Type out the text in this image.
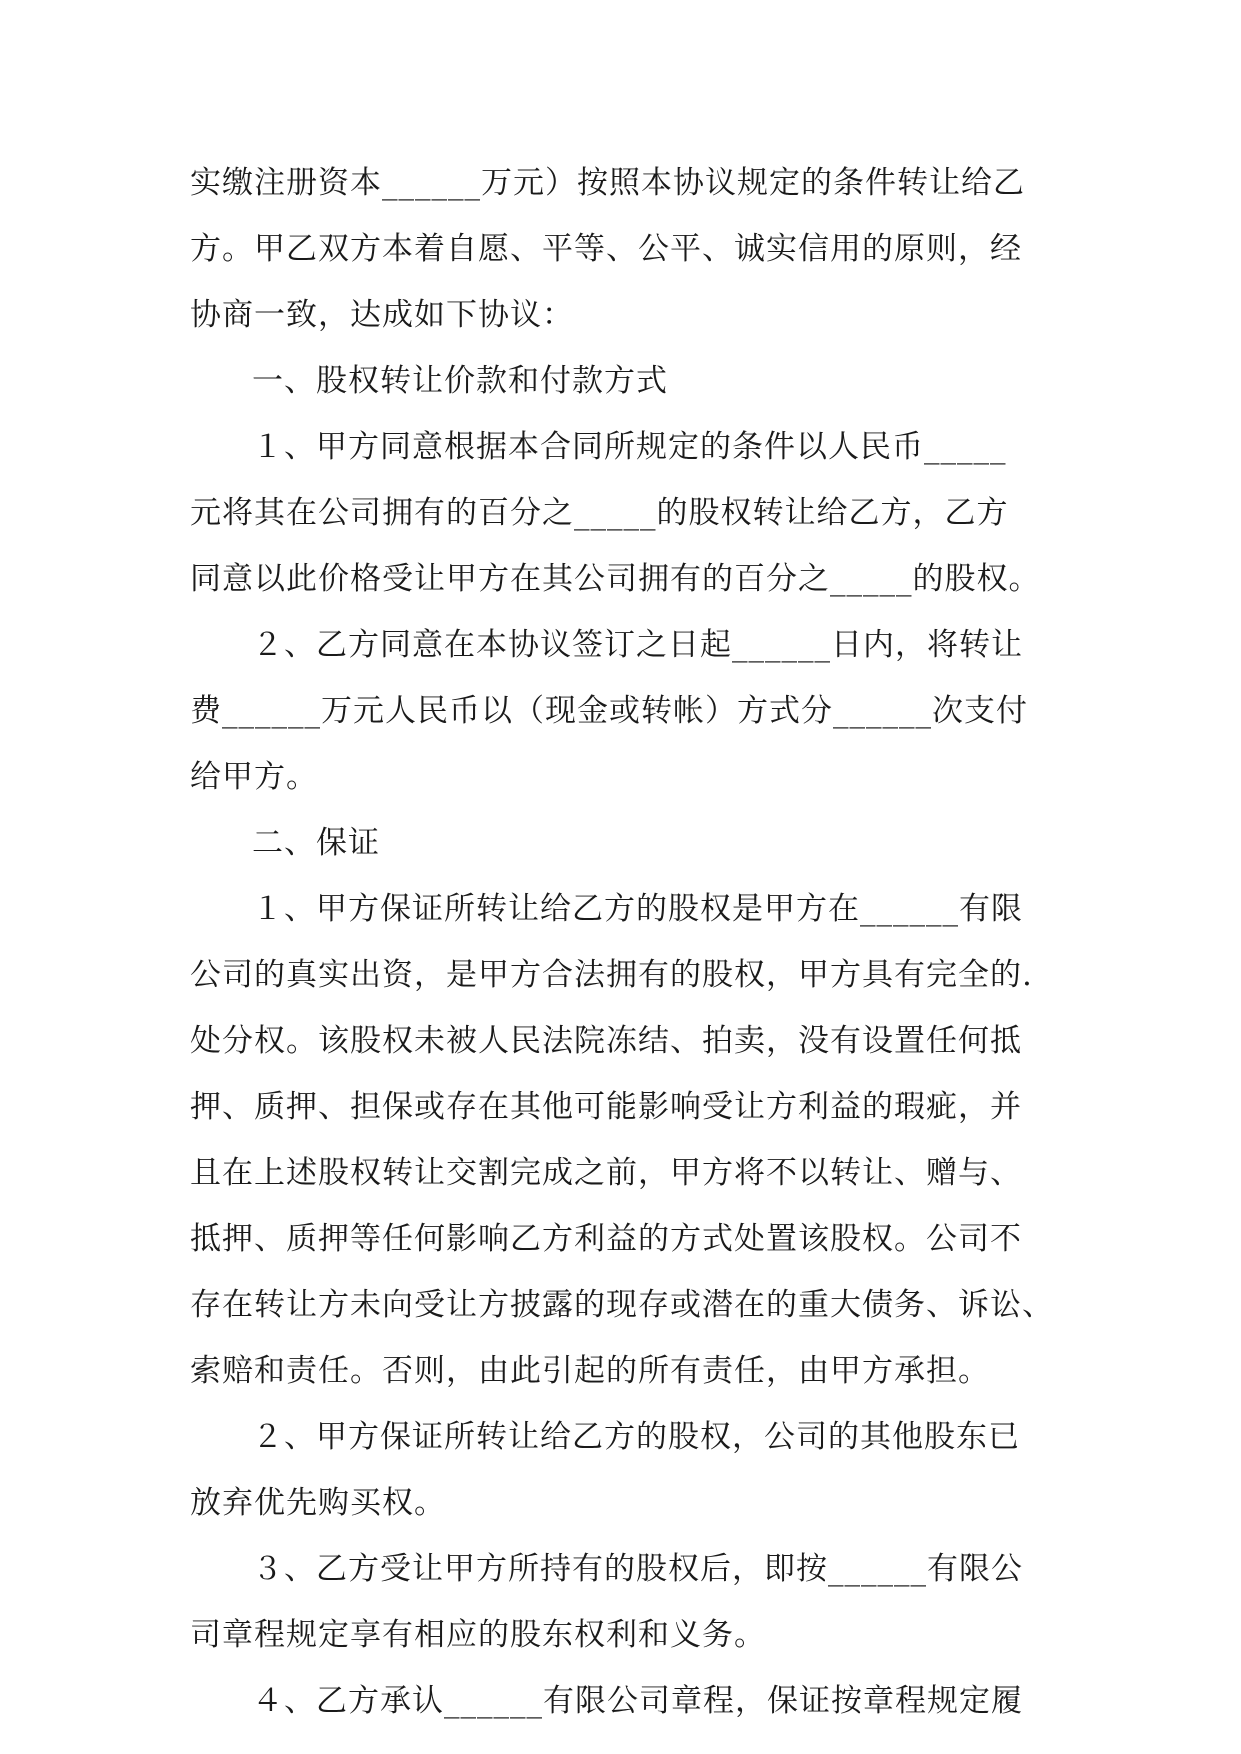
实缴注册资本______万元）按照本协议规定的条件转让给乙
方。甲乙双方本着自愿、平等、公平、诚实信用的原则，经
协商一致，达成如下协议：
一、股权转让价款和付款方式
１、甲方同意根据本合同所规定的条件以人民币_____
元将其在公司拥有的百分之_____的股权转让给乙方，乙方
同意以此价格受让甲方在其公司拥有的百分之_____的股权。
２、乙方同意在本协议签订之日起______日内，将转让
费______万元人民币以（现金或转帐）方式分______次支付
给甲方。
二、保证
１、甲方保证所转让给乙方的股权是甲方在______有限
公司的真实出资，是甲方合法拥有的股权，甲方具有完全的.
处分权。该股权未被人民法院冻结、拍卖，没有设置任何抵
押、质押、担保或存在其他可能影响受让方利益的瑕疵，并
且在上述股权转让交割完成之前，甲方将不以转让、赠与、
抵押、质押等任何影响乙方利益的方式处置该股权。公司不
存在转让方未向受让方披露的现存或潜在的重大债务、诉讼、
索赔和责任。否则，由此引起的所有责任，由甲方承担。
２、甲方保证所转让给乙方的股权，公司的其他股东已
放弃优先购买权。
３、乙方受让甲方所持有的股权后，即按______有限公
司章程规定享有相应的股东权利和义务。
４、乙方承认______有限公司章程，保证按章程规定履
